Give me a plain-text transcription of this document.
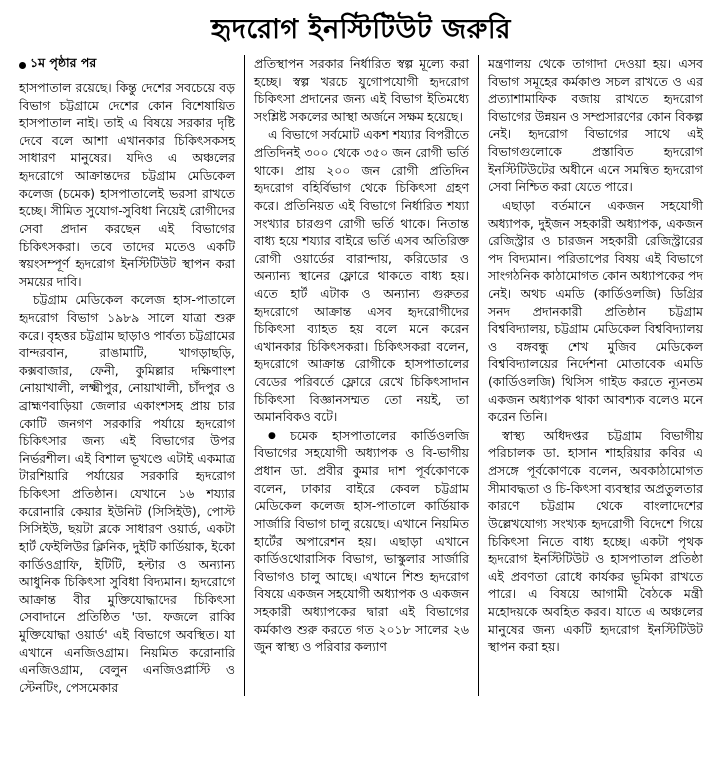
হৃদরোগ ইনস্টিটিউট জরুরি
১ম পৃষ্ঠার পর

হাসপাতাল রয়েছে। কিন্তু দেশের সবচেয়ে বড় বিভাগ চট্টগ্রামে দেশের কোন বিশেষায়িত হাসপাতাল নাই। তাই এ বিষয়ে সরকার দৃষ্টি দেবে বলে আশা এখানকার চিকিৎসকসহ সাধারণ মানুষের। যদিও এ অঞ্চলের হৃদরোগে আক্রান্তদের চট্টগ্রাম মেডিকেল কলেজ (চমেক) হাসপাতালেই ভরসা রাখতে হচ্ছে। সীমিত সুযোগ-সুবিধা নিয়েই রোগীদের সেবা প্রদান করছেন এই বিভাগের চিকিৎসকরা। তবে তাদের মতেও একটি স্বয়ংসম্পূর্ণ হৃদরোগ ইনস্টিটিউট স্থাপন করা সময়ের দাবি।

চট্টগ্রাম মেডিকেল কলেজ হাস-পাতালে হৃদরোগ বিভাগ ১৯৮৯ সালে যাত্রা শুরু করে। বৃহত্তর চট্টগ্রাম ছাড়াও পার্বত্য চট্টগ্রামের বান্দরবান, রাঙামাটি, খাগড়াছড়ি, কক্সবাজার, ফেনী, কুমিল্লার দক্ষিণাংশ নোয়াখালী, লক্ষ্মীপুর, নোয়াখালী, চাঁদপুর ও ব্রাহ্মণবাড়িয়া জেলার একাংশসহ প্রায় চার কোটি জনগণ সরকারি পর্যায়ে হৃদরোগ চিকিৎসার জন্য এই বিভাগের উপর নির্ভরশীল। এই বিশাল ভূখণ্ডে এটাই একমাত্র টারশিয়ারি পর্যায়ের সরকারি হৃদরোগ চিকিৎসা প্রতিষ্ঠান। যেখানে ১৬ শয্যার করোনারি কেয়ার ইউনিট (সিসিইউ), পোস্ট সিসিইউ, ছয়টা ব্লকে সাধারণ ওয়ার্ড, একটা হার্ট ফেইলিউর ক্লিনিক, দুইটি কার্ডিয়াক, ইকো কার্ডিওগ্রাফি, ইটিটি, হল্টার ও অন্যান্য আধুনিক চিকিৎসা সুবিধা বিদ্যমান। হৃদরোগে আক্রান্ত বীর মুক্তিযোদ্ধাদের চিকিৎসা সেবাদানে প্রতিষ্ঠিত 'ডা. ফজলে রাব্বি মুক্তিযোদ্ধা ওয়ার্ড' এই বিভাগে অবস্থিত। যা এখানে এনজিওগ্রাম। নিয়মিত করোনারি এনজিওগ্রাম, বেলুন এনজিওপ্লাস্টি ও স্টেনটিং, পেসমেকার

প্রতিস্থাপন সরকার নির্ধারিত স্বল্প মূল্যে করা হচ্ছে। স্বল্প খরচে যুগোপযোগী হৃদরোগ চিকিৎসা প্রদানের জন্য এই বিভাগ ইতিমধ্যে সংশ্লিষ্ট সকলের আস্থা অর্জনে সক্ষম হয়েছে।

এ বিভাগে সর্বমোট একশ শয্যার বিপরীতে প্রতিদিনই ৩০০ থেকে ৩৫০ জন রোগী ভর্তি থাকে। প্রায় ২০০ জন রোগী প্রতিদিন হৃদরোগ বহির্বিভাগ থেকে চিকিৎসা গ্রহণ করে। প্রতিনিয়ত এই বিভাগে নির্ধারিত শয্যা সংখ্যার চারগুণ রোগী ভর্তি থাকে। নিতান্ত বাধ্য হয়ে শয্যার বাইরে ভর্তি এসব অতিরিক্ত রোগী ওয়ার্ডের বারান্দায়, করিডোর ও অন্যান্য স্থানের ফ্লোরে থাকতে বাধ্য হয়। এতে হার্ট এটাক ও অন্যান্য গুরুতর হৃদরোগে আক্রান্ত এসব হৃদরোগীদের চিকিৎসা ব্যাহত হয় বলে মনে করেন এখানকার চিকিৎসকরা। চিকিৎসকরা বলেন, হৃদরোগে আক্রান্ত রোগীকে হাসপাতালের বেডের পরিবর্তে ফ্লোরে রেখে চিকিৎসাদান চিকিৎসা বিজ্ঞানসম্মত তো নয়ই, তা অমানবিকও বটে।

● চমেক হাসপাতালের কার্ডিওলজি বিভাগের সহযোগী অধ্যাপক ও বি-ভাগীয় প্রধান ডা. প্রবীর কুমার দাশ পূর্বকোণকে বলেন, ঢাকার বাইরে কেবল চট্টগ্রাম মেডিকেল কলেজ হাস-পাতালে কার্ডিয়াক সার্জারি বিভাগ চালু রয়েছে। এখানে নিয়মিত হার্টের অপারেশন হয়। এছাড়া এখানে কার্ডিওথোরাসিক বিভাগ, ভাস্কুলার সার্জারি বিভাগও চালু আছে। এখানে শিশু হৃদরোগ বিষয়ে একজন সহযোগী অধ্যাপক ও একজন সহকারী অধ্যাপকের দ্বারা এই বিভাগের কর্মকাণ্ড শুরু করতে গত ২০১৮ সালের ২৬ জুন স্বাস্থ্য ও পরিবার কল্যাণ

মন্ত্রণালয় থেকে তাগাদা দেওয়া হয়। এসব বিভাগ সমূহের কর্মকাণ্ড সচল রাখতে ও এর প্রত্যাশামাফিক বজায় রাখতে হৃদরোগ বিভাগের উন্নয়ন ও সম্প্রসারণের কোন বিকল্প নেই। হৃদরোগ বিভাগের সাথে এই বিভাগগুলোকে প্রস্তাবিত হৃদরোগ ইনস্টিটিউটের অধীনে এনে সমন্বিত হৃদরোগ সেবা নিশ্চিত করা যেতে পারে।

এছাড়া বর্তমানে একজন সহযোগী অধ্যাপক, দুইজন সহকারী অধ্যাপক, একজন রেজিস্ট্রার ও চারজন সহকারী রেজিস্ট্রারের পদ বিদ্যমান। পরিতাপের বিষয় এই বিভাগে সাংগঠনিক কাঠামোগত কোন অধ্যাপকের পদ নেই। অথচ এমডি (কার্ডিওলজি) ডিগ্রির সনদ প্রদানকারী প্রতিষ্ঠান চট্টগ্রাম বিশ্ববিদ্যালয়, চট্টগ্রাম মেডিকেল বিশ্ববিদ্যালয় ও বঙ্গবন্ধু শেখ মুজিব মেডিকেল বিশ্ববিদ্যালয়ের নির্দেশনা মোতাবেক এমডি (কার্ডিওলজি) থিসিস গাইড করতে ন্যূনতম একজন অধ্যাপক থাকা আবশ্যক বলেও মনে করেন তিনি।

স্বাস্থ্য অধিদপ্তর চট্টগ্রাম বিভাগীয় পরিচালক ডা. হাসান শাহরিয়ার কবির এ প্রসঙ্গে পূর্বকোণকে বলেন, অবকাঠামোগত সীমাবদ্ধতা ও চি-কিৎসা ব্যবস্থার অপ্রতুলতার কারণে চট্টগ্রাম থেকে বাংলাদেশের উল্লেখযোগ্য সংখ্যক হৃদরোগী বিদেশে গিয়ে চিকিৎসা নিতে বাধ্য হচ্ছে। একটা পৃথক হৃদরোগ ইনস্টিটিউট ও হাসপাতাল প্রতিষ্ঠা এই প্রবণতা রোধে কার্যকর ভূমিকা রাখতে পারে। এ বিষয়ে আগামী বৈঠকে মন্ত্রী মহোদয়কে অবহিত করব। যাতে এ অঞ্চলের মানুষের জন্য একটি হৃদরোগ ইনস্টিটিউট স্থাপন করা হয়।
